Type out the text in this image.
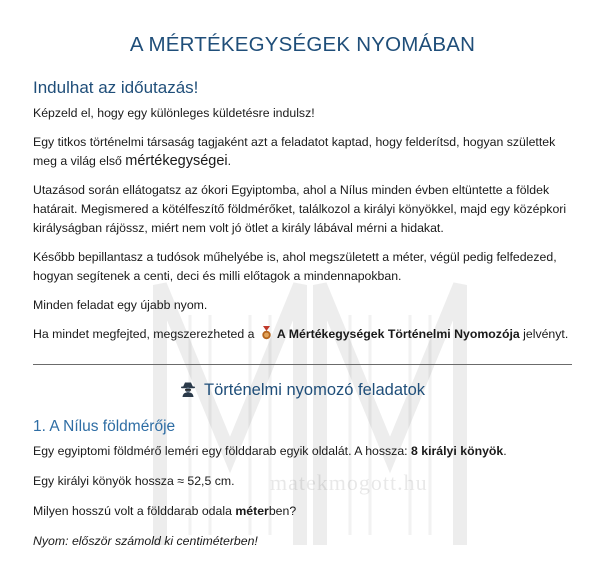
matekmogott.hu
A MÉRTÉKEGYSÉGEK NYOMÁBAN
Indulhat az időutazás!

Képzeld el, hogy egy különleges küldetésre indulsz!

Egy titkos történelmi társaság tagjaként azt a feladatot kaptad, hogy felderítsd, hogyan születtek meg a világ első mértékegységei.

Utazásod során ellátogatsz az ókori Egyiptomba, ahol a Nílus minden évben eltüntette a földek határait. Megismered a kötélfeszítő földmérőket, találkozol a királyi könyökkel, majd egy középkori királyságban rájössz, miért nem volt jó ötlet a király lábával mérni a hidakat.

Később bepillantasz a tudósok műhelyébe is, ahol megszületett a méter, végül pedig felfedezed, hogyan segítenek a centi, deci és milli előtagok a mindennapokban.

Minden feladat egy újabb nyom.

Ha mindet megfejted, megszerezheted a A Mértékegységek Történelmi Nyomozója jelvényt.

Történelmi nyomozó feladatok
1. A Nílus földmérője

Egy egyiptomi földmérő leméri egy földdarab egyik oldalát. A hossza: 8 királyi könyök.

Egy királyi könyök hossza ≈ 52,5 cm.

Milyen hosszú volt a földdarab odala méterben?

Nyom: először számold ki centiméterben!
